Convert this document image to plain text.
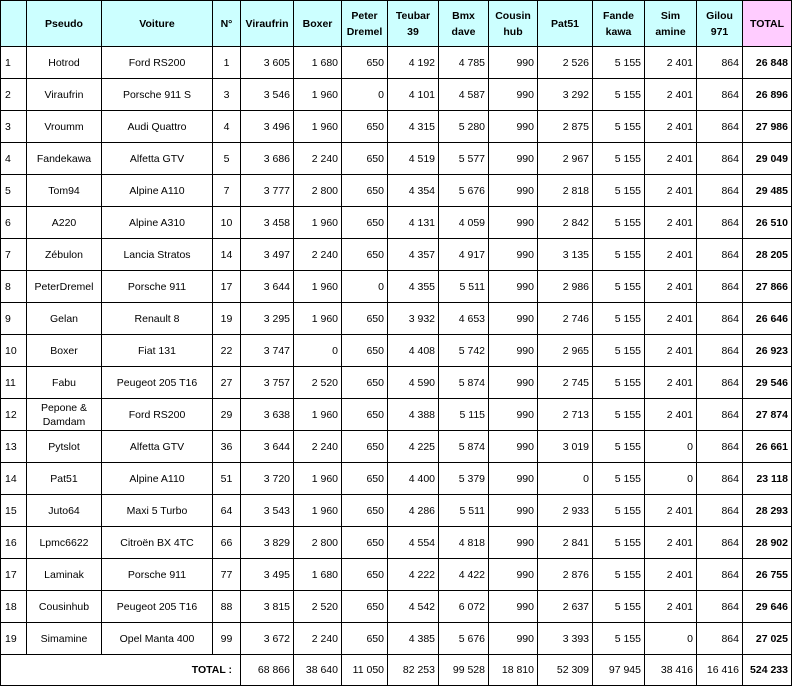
	Pseudo	Voiture	N°	Viraufrin	Boxer	Peter Dremel	Teubar 39	Bmx dave	Cousin hub	Pat51	Fande kawa	Sim amine	Gilou 971	TOTAL
1	Hotrod	Ford RS200	1	3 605	1 680	650	4 192	4 785	990	2 526	5 155	2 401	864	26 848
2	Viraufrin	Porsche 911 S	3	3 546	1 960	0	4 101	4 587	990	3 292	5 155	2 401	864	26 896
3	Vroumm	Audi Quattro	4	3 496	1 960	650	4 315	5 280	990	2 875	5 155	2 401	864	27 986
4	Fandekawa	Alfetta GTV	5	3 686	2 240	650	4 519	5 577	990	2 967	5 155	2 401	864	29 049
5	Tom94	Alpine A110	7	3 777	2 800	650	4 354	5 676	990	2 818	5 155	2 401	864	29 485
6	A220	Alpine A310	10	3 458	1 960	650	4 131	4 059	990	2 842	5 155	2 401	864	26 510
7	Zébulon	Lancia Stratos	14	3 497	2 240	650	4 357	4 917	990	3 135	5 155	2 401	864	28 205
8	PeterDremel	Porsche 911	17	3 644	1 960	0	4 355	5 511	990	2 986	5 155	2 401	864	27 866
9	Gelan	Renault 8	19	3 295	1 960	650	3 932	4 653	990	2 746	5 155	2 401	864	26 646
10	Boxer	Fiat 131	22	3 747	0	650	4 408	5 742	990	2 965	5 155	2 401	864	26 923
11	Fabu	Peugeot 205 T16	27	3 757	2 520	650	4 590	5 874	990	2 745	5 155	2 401	864	29 546
12	Pepone & Damdam	Ford RS200	29	3 638	1 960	650	4 388	5 115	990	2 713	5 155	2 401	864	27 874
13	Pytslot	Alfetta GTV	36	3 644	2 240	650	4 225	5 874	990	3 019	5 155	0	864	26 661
14	Pat51	Alpine A110	51	3 720	1 960	650	4 400	5 379	990	0	5 155	0	864	23 118
15	Juto64	Maxi 5 Turbo	64	3 543	1 960	650	4 286	5 511	990	2 933	5 155	2 401	864	28 293
16	Lpmc6622	Citroën BX 4TC	66	3 829	2 800	650	4 554	4 818	990	2 841	5 155	2 401	864	28 902
17	Laminak	Porsche 911	77	3 495	1 680	650	4 222	4 422	990	2 876	5 155	2 401	864	26 755
18	Cousinhub	Peugeot 205 T16	88	3 815	2 520	650	4 542	6 072	990	2 637	5 155	2 401	864	29 646
19	Simamine	Opel Manta 400	99	3 672	2 240	650	4 385	5 676	990	3 393	5 155	0	864	27 025
	TOTAL :			68 866	38 640	11 050	82 253	99 528	18 810	52 309	97 945	38 416	16 416	524 233
